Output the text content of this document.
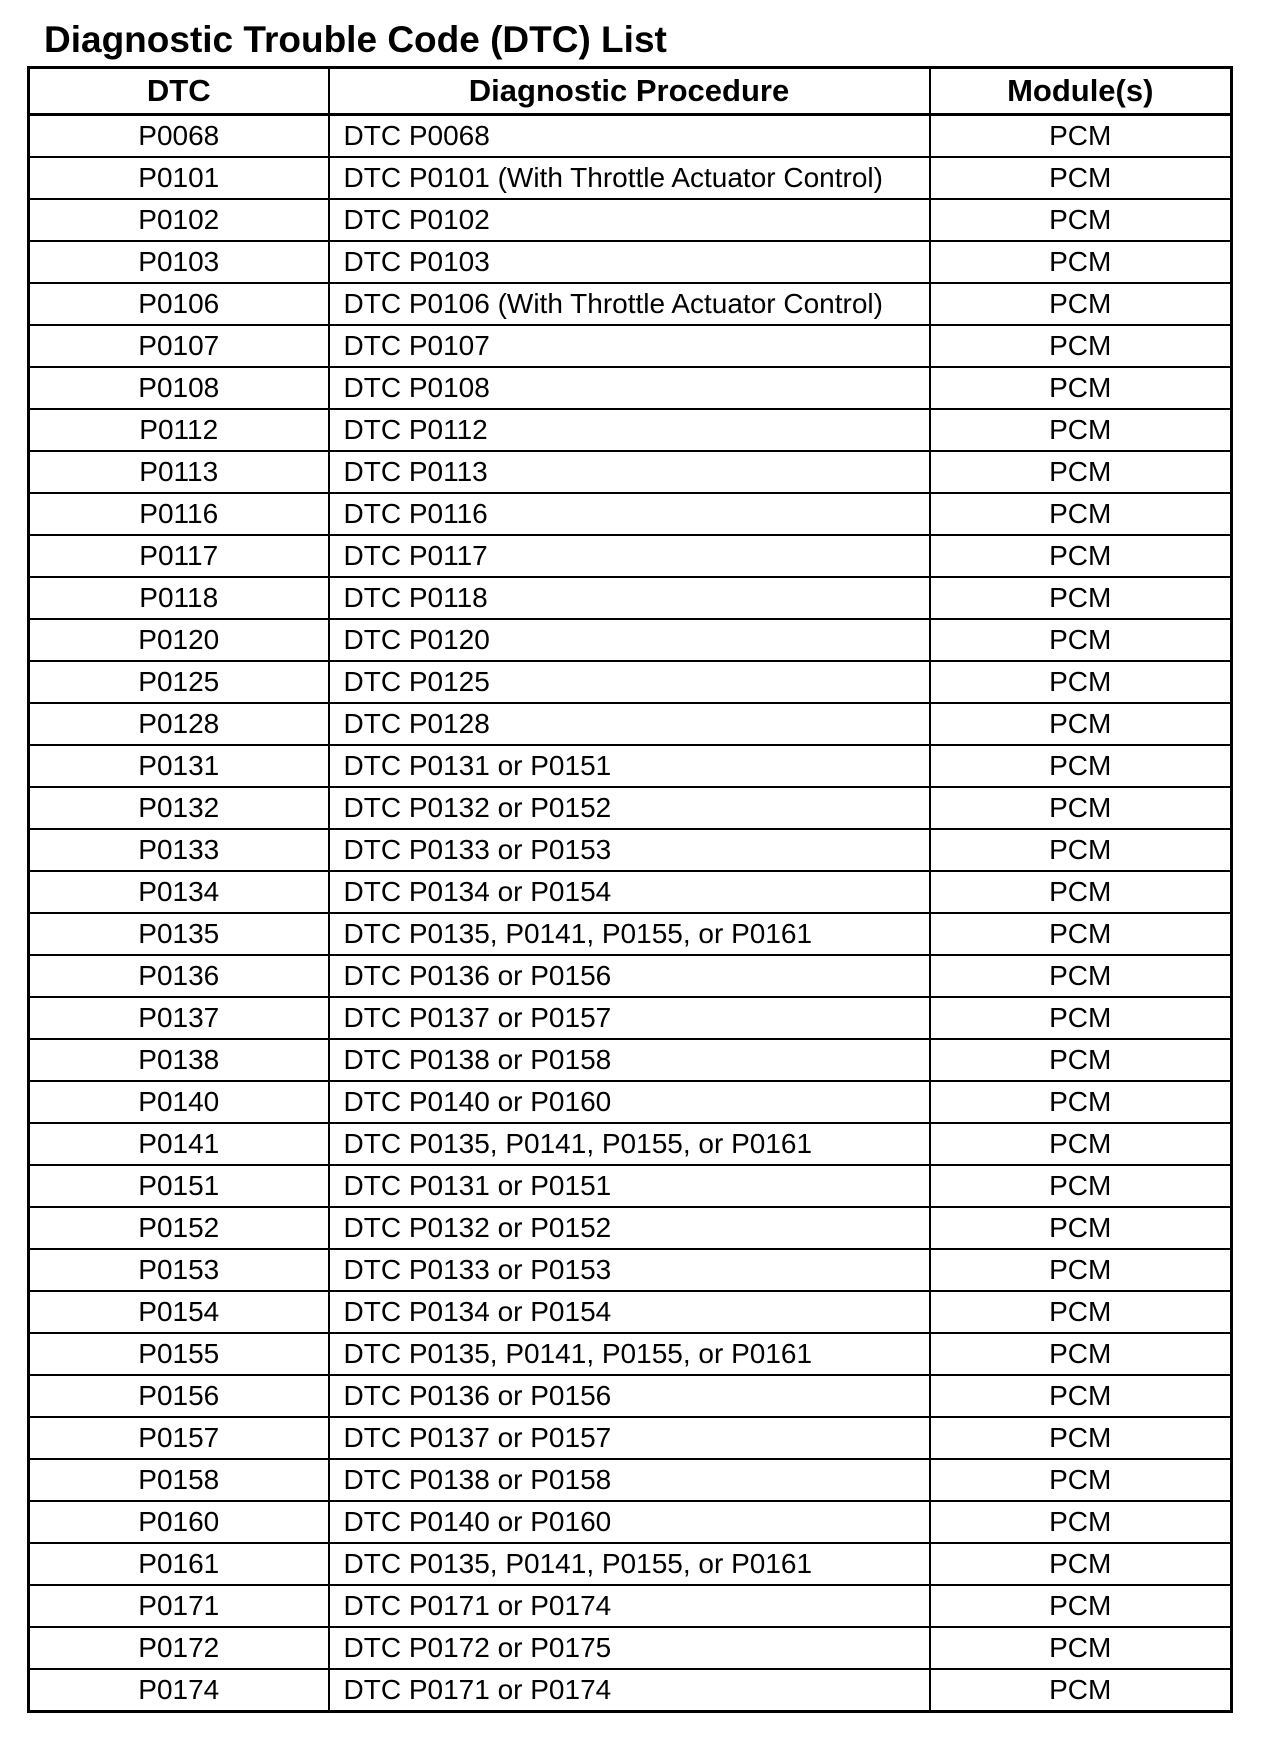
Diagnostic Trouble Code (DTC) List
DTC	Diagnostic Procedure	Module(s)
P0068	DTC P0068	PCM
P0101	DTC P0101 (With Throttle Actuator Control)	PCM
P0102	DTC P0102	PCM
P0103	DTC P0103	PCM
P0106	DTC P0106 (With Throttle Actuator Control)	PCM
P0107	DTC P0107	PCM
P0108	DTC P0108	PCM
P0112	DTC P0112	PCM
P0113	DTC P0113	PCM
P0116	DTC P0116	PCM
P0117	DTC P0117	PCM
P0118	DTC P0118	PCM
P0120	DTC P0120	PCM
P0125	DTC P0125	PCM
P0128	DTC P0128	PCM
P0131	DTC P0131 or P0151	PCM
P0132	DTC P0132 or P0152	PCM
P0133	DTC P0133 or P0153	PCM
P0134	DTC P0134 or P0154	PCM
P0135	DTC P0135, P0141, P0155, or P0161	PCM
P0136	DTC P0136 or P0156	PCM
P0137	DTC P0137 or P0157	PCM
P0138	DTC P0138 or P0158	PCM
P0140	DTC P0140 or P0160	PCM
P0141	DTC P0135, P0141, P0155, or P0161	PCM
P0151	DTC P0131 or P0151	PCM
P0152	DTC P0132 or P0152	PCM
P0153	DTC P0133 or P0153	PCM
P0154	DTC P0134 or P0154	PCM
P0155	DTC P0135, P0141, P0155, or P0161	PCM
P0156	DTC P0136 or P0156	PCM
P0157	DTC P0137 or P0157	PCM
P0158	DTC P0138 or P0158	PCM
P0160	DTC P0140 or P0160	PCM
P0161	DTC P0135, P0141, P0155, or P0161	PCM
P0171	DTC P0171 or P0174	PCM
P0172	DTC P0172 or P0175	PCM
P0174	DTC P0171 or P0174	PCM
